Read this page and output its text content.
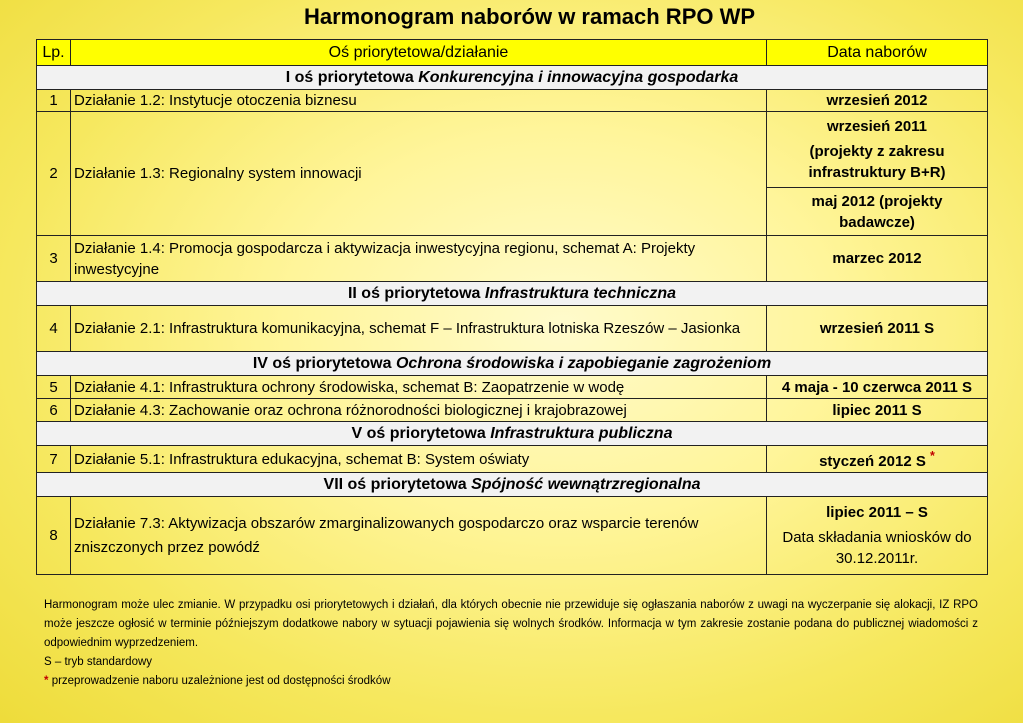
Harmonogram naborów w ramach RPO WP
Lp.	Oś priorytetowa/działanie	Data naborów
I oś priorytetowa Konkurencyjna i innowacyjna gospodarka		
1	Działanie 1.2: Instytucje otoczenia biznesu	wrzesień 2012
2	Działanie 1.3: Regionalny system innowacji	wrzesień 2011
(projekty z zakresu infrastruktury B+R)

		maj 2012 (projekty badawcze)
3	Działanie 1.4: Promocja gospodarcza i aktywizacja inwestycyjna regionu, schemat A: Projekty inwestycyjne	marzec 2012
II oś priorytetowa Infrastruktura techniczna		
4	Działanie 2.1: Infrastruktura komunikacyjna, schemat F – Infrastruktura lotniska Rzeszów – Jasionka	wrzesień 2011 S
IV oś priorytetowa Ochrona środowiska i zapobieganie zagrożeniom		
5	Działanie 4.1: Infrastruktura ochrony środowiska, schemat B: Zaopatrzenie w wodę	4 maja - 10 czerwca 2011 S
6	Działanie 4.3: Zachowanie oraz ochrona różnorodności biologicznej i krajobrazowej	lipiec 2011 S
V oś priorytetowa Infrastruktura publiczna		
7	Działanie 5.1: Infrastruktura edukacyjna, schemat B: System oświaty	styczeń 2012 S *
VII oś priorytetowa Spójność wewnątrzregionalna		
8	Działanie 7.3: Aktywizacja obszarów zmarginalizowanych gospodarczo oraz wsparcie terenów zniszczonych przez powódź	lipiec 2011 – S
Data składania wniosków do 30.12.2011r.

Harmonogram może ulec zmianie. W przypadku osi priorytetowych i działań, dla których obecnie nie przewiduje się ogłaszania naborów z uwagi na wyczerpanie się alokacji, IZ RPO może jeszcze ogłosić w terminie późniejszym dodatkowe nabory w sytuacji pojawienia się wolnych środków. Informacja w tym zakresie zostanie podana do publicznej wiadomości z odpowiednim wyprzedzeniem.

S – tryb standardowy

* przeprowadzenie naboru uzależnione jest od dostępności środków
